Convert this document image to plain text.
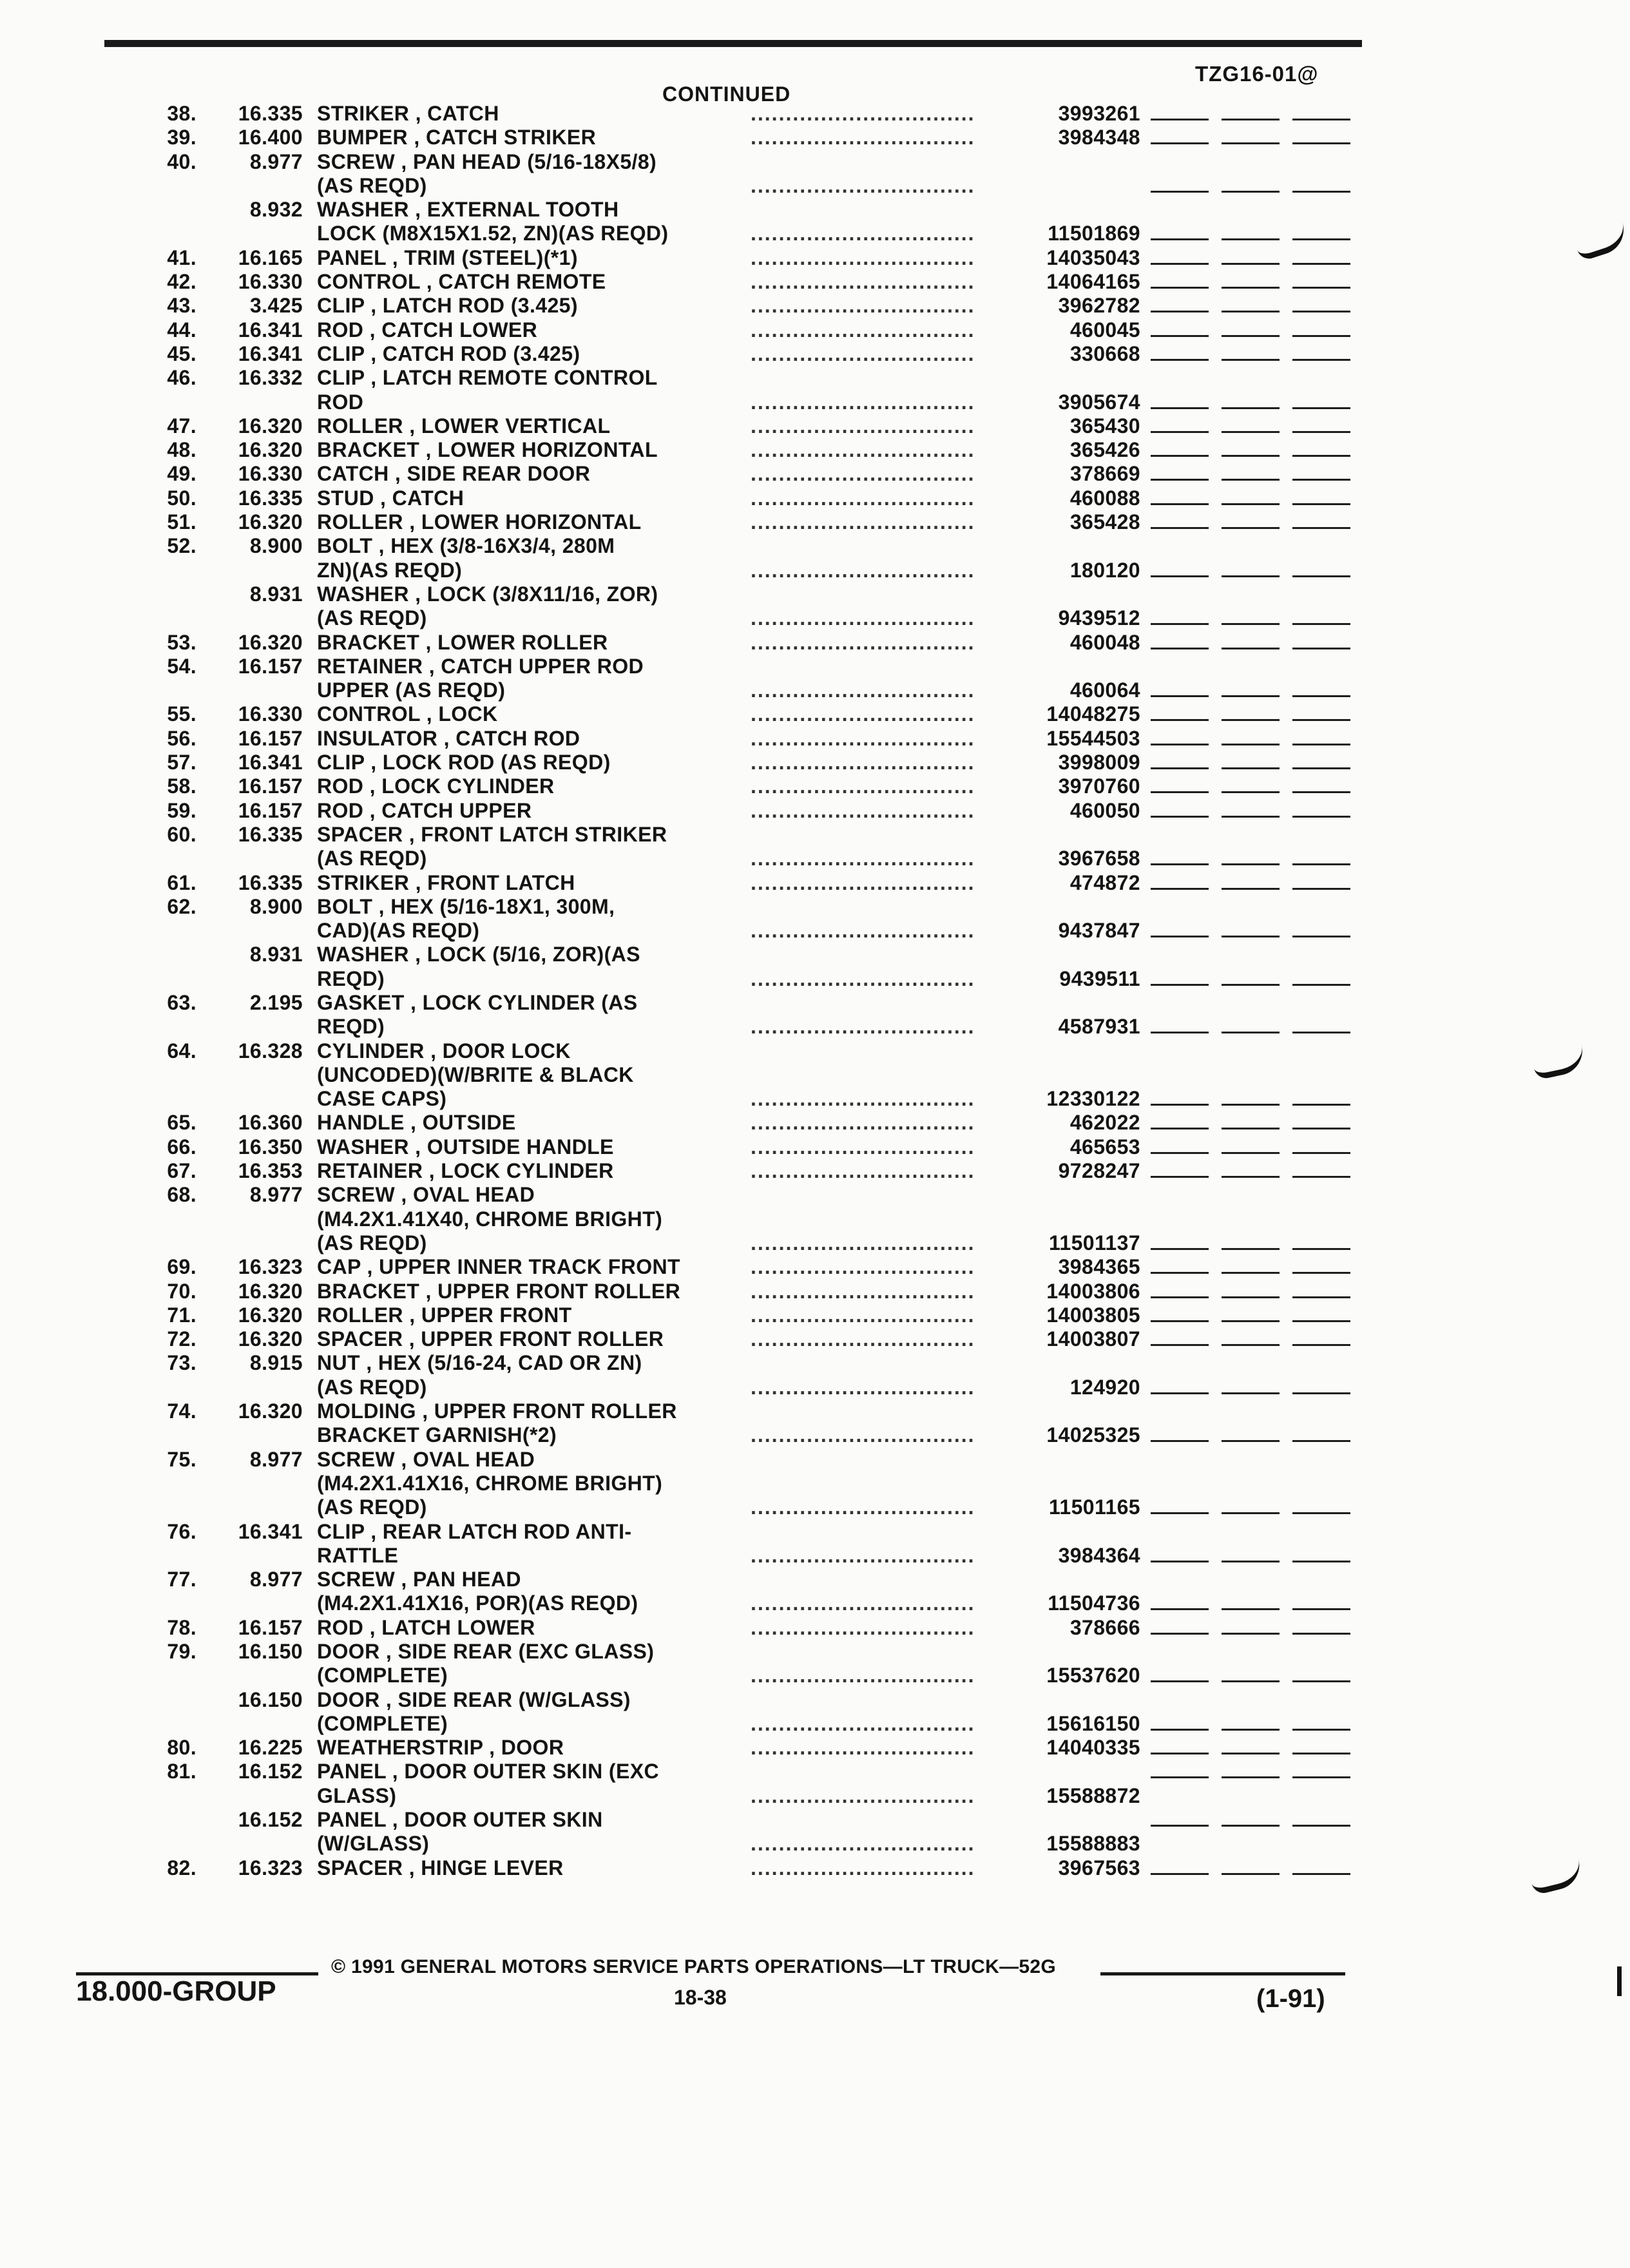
TZG16-01@
CONTINUED
38.	16.335 STRIKER , CATCH	................................	3993261
39.	16.400 BUMPER , CATCH STRIKER	................................	3984348
40.	8.977 SCREW , PAN HEAD (5/16-18X5/8)
(AS REQD)	................................
8.932 WASHER , EXTERNAL TOOTH
LOCK (M8X15X1.52, ZN)(AS REQD)	................................	11501869
41.	16.165 PANEL , TRIM (STEEL)(*1)	................................	14035043
42.	16.330 CONTROL , CATCH REMOTE	................................	14064165
43.	3.425 CLIP , LATCH ROD (3.425)	................................	3962782
44.	16.341 ROD , CATCH LOWER	................................	460045
45.	16.341 CLIP , CATCH ROD (3.425)	................................	330668
46.	16.332 CLIP , LATCH REMOTE CONTROL
ROD	................................	3905674
47.	16.320 ROLLER , LOWER VERTICAL	................................	365430
48.	16.320 BRACKET , LOWER HORIZONTAL	................................	365426
49.	16.330 CATCH , SIDE REAR DOOR	................................	378669
50.	16.335 STUD , CATCH	................................	460088
51.	16.320 ROLLER , LOWER HORIZONTAL	................................	365428
52.	8.900 BOLT , HEX (3/8-16X3/4, 280M
ZN)(AS REQD)	................................	180120
8.931 WASHER , LOCK (3/8X11/16, ZOR)
(AS REQD)	................................	9439512
53.	16.320 BRACKET , LOWER ROLLER	................................	460048
54.	16.157 RETAINER , CATCH UPPER ROD
UPPER (AS REQD)	................................	460064
55.	16.330 CONTROL , LOCK	................................	14048275
56.	16.157 INSULATOR , CATCH ROD	................................	15544503
57.	16.341 CLIP , LOCK ROD (AS REQD)	................................	3998009
58.	16.157 ROD , LOCK CYLINDER	................................	3970760
59.	16.157 ROD , CATCH UPPER	................................	460050
60.	16.335 SPACER , FRONT LATCH STRIKER
(AS REQD)	................................	3967658
61.	16.335 STRIKER , FRONT LATCH	................................	474872
62.	8.900 BOLT , HEX (5/16-18X1, 300M,
CAD)(AS REQD)	................................	9437847
8.931 WASHER , LOCK (5/16, ZOR)(AS
REQD)	................................	9439511
63.	2.195 GASKET , LOCK CYLINDER (AS
REQD)	................................	4587931
64.	16.328 CYLINDER , DOOR LOCK
(UNCODED)(W/BRITE & BLACK
CASE CAPS)	................................	12330122
65.	16.360 HANDLE , OUTSIDE	................................	462022
66.	16.350 WASHER , OUTSIDE HANDLE	................................	465653
67.	16.353 RETAINER , LOCK CYLINDER	................................	9728247
68.	8.977 SCREW , OVAL HEAD
(M4.2X1.41X40, CHROME BRIGHT)
(AS REQD)	................................	11501137
69.	16.323 CAP , UPPER INNER TRACK FRONT	................................	3984365
70.	16.320 BRACKET , UPPER FRONT ROLLER	................................	14003806
71.	16.320 ROLLER , UPPER FRONT	................................	14003805
72.	16.320 SPACER , UPPER FRONT ROLLER	................................	14003807
73.	8.915 NUT , HEX (5/16-24, CAD OR ZN)
(AS REQD)	................................	124920
74.	16.320 MOLDING , UPPER FRONT ROLLER
BRACKET GARNISH(*2)	................................	14025325
75.	8.977 SCREW , OVAL HEAD
(M4.2X1.41X16, CHROME BRIGHT)
(AS REQD)	................................	11501165
76.	16.341 CLIP , REAR LATCH ROD ANTI-
RATTLE	................................	3984364
77.	8.977 SCREW , PAN HEAD
(M4.2X1.41X16, POR)(AS REQD)	................................	11504736
78.	16.157 ROD , LATCH LOWER	................................	378666
79.	16.150 DOOR , SIDE REAR (EXC GLASS)
(COMPLETE)	................................	15537620
16.150 DOOR , SIDE REAR (W/GLASS)
(COMPLETE)	................................	15616150
80.	16.225 WEATHERSTRIP , DOOR	................................	14040335
81.	16.152 PANEL , DOOR OUTER SKIN (EXC
GLASS)	................................	15588872
16.152 PANEL , DOOR OUTER SKIN
(W/GLASS)	................................	15588883
82.	16.323 SPACER , HINGE LEVER	................................	3967563
© 1991 GENERAL MOTORS SERVICE PARTS OPERATIONS—LT TRUCK—52G
18.000-GROUP	18-38	(1-91)
